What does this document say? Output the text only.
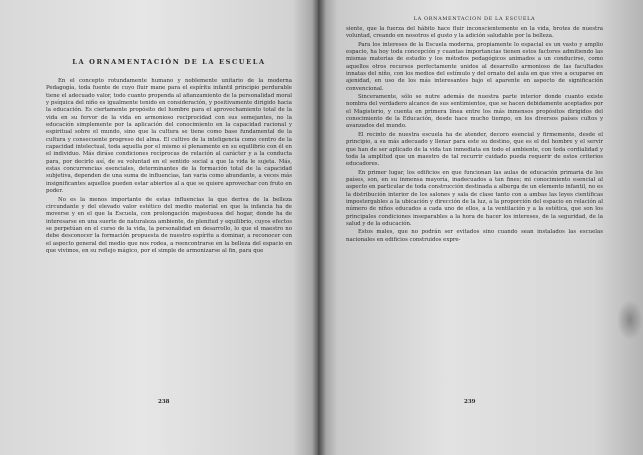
LA ORNAMENTACIÓN DE LA ESCUELA

En el concepto rotundamente humano y noblemente unitario de la moderna Pedagogía, toda fuente de cuyo fluir mane para el espíritu infantil principio perdurable tiene el adecuado valor, todo cuanto propenda al afianzamiento de la personalidad moral y psíquica del niño es igualmente tenido en consideración, y positivamente dirigido hacia la educación. Es ciertamente propósito del hombre para el aprovechamiento total de la vida en su fervor de la vida en armonioso reciprocidad con sus semejantes, no la educación simplemente por la aplicación del conocimiento en la capacidad racional y espiritual sobre el mundo, sino que la cultura se tiene como base fundamental de la cultura y consecuente progreso del alma. El cultivo de la inteligencia como centro de la capacidad intelectual, toda aquella por el mismo sí plenamente en su equilibrio con él en el individuo. Más diráse condiciones recíprocas de relación al carácter y a la conducta para, por decirlo así, de su voluntad en el sentido social a que la vida le sujeta. Más, estas concurrencias esenciales, determinantes de la formación total de la capacidad subjetiva, dependen de una suma de influencias, tan varia como abundante, a veces más insignificantes aquellos pueden estar abiertos al a que se quiere aprovechar con fruto en poder.

No es la menos importante de estas influencias la que deriva de la belleza circundante y del elevado valor estético del medio material en que la infancia ha de moverse y en el que la Escuela, con prolongación majestuosa del hogar, donde ha de interesarse en una suerte de naturaleza ambiente, de plenitud y equilibrio, cuyos efectos se perpetúan en el curso de la vida, la personalidad en desarrollo, lo que el maestro no debe desconocer la formación propuesta de nuestro espíritu a dominar, a reconocer con el aspecto general del medio que nos rodea, a reencontrarse en la belleza del espacio en que vivimos, en su reflejo mágico, por el simple de armonizarse al fin, para que

238
LA ORNAMENTACIÓN DE LA ESCUELA

siente, que la fuerza del hábito hace fluir inconscientemente en la vida, brotes de nuestra voluntad, creando en nosotros el gusto y la adición saludable por la belleza.

Para los intereses de la Escuela moderna, propiamente lo espacial es un vasto y amplio espacio, ha hoy toda concepción y cuantas importancias tienen estos factores admitiendo las mismas materias de estudio y los métodos pedagógicos animados a un conducirse, como aquellos otros recursos perfectamente unidos al desarrollo armonioso de las facultades innatas del niño, con los medios del estímulo y del ornato del aula en que vive a ocuparse en ajenidad, en uso de los más interesantes bajo el aparente en aspecto de significación convencional.

Sinceramente, sólo se nutre además de nuestra parte interior donde cuanto existe nombra del verdadero alcance de sus sentimientos, que se hacen debidamente aceptados por el Magisterio, y cuenta en primera línea entre los más inmensos propósitos dirigidos del conocimiento de la Educación, desde hace mucho tiempo, en los diversos países cultos y avanzados del mundo.

El recinto de nuestra escuela ha de atender, decoro esencial y firmemente, desde el principio, a su más adecuado y llenar para este su destino, que es el del hombre y el servir que han de ser aplicado de la vida tan inmediata en todo el ambiente, con toda cordialidad y toda la amplitud que un maestro de tal recurrir cuidado pueda requerir de estos criterios educadores.

En primer lugar, los edificios en que funcionan las aulas de educación primaria de los países, son, en su inmensa mayoría, inadecuados a tan fines; mi conocimiento esencial al aspecto en particular de toda construcción destinada a alberga de un elemento infantil, no es la distribución interior de los salones y sala de clase tanto con a ambas las leyes científicas impostergables a la ubicación y dirección de la luz, a la proporción del espacio en relación al número de niños educados a cada uno de ellos, a la ventilación y a la estética, que son los principales condiciones inseparables a la hora de hacer los intereses, de la seguridad, de la salud y de la educación.

Estos males, que no podrán ser evitados sino cuando sean instalados las escuelas nacionales en edificios construidos expre-

239
